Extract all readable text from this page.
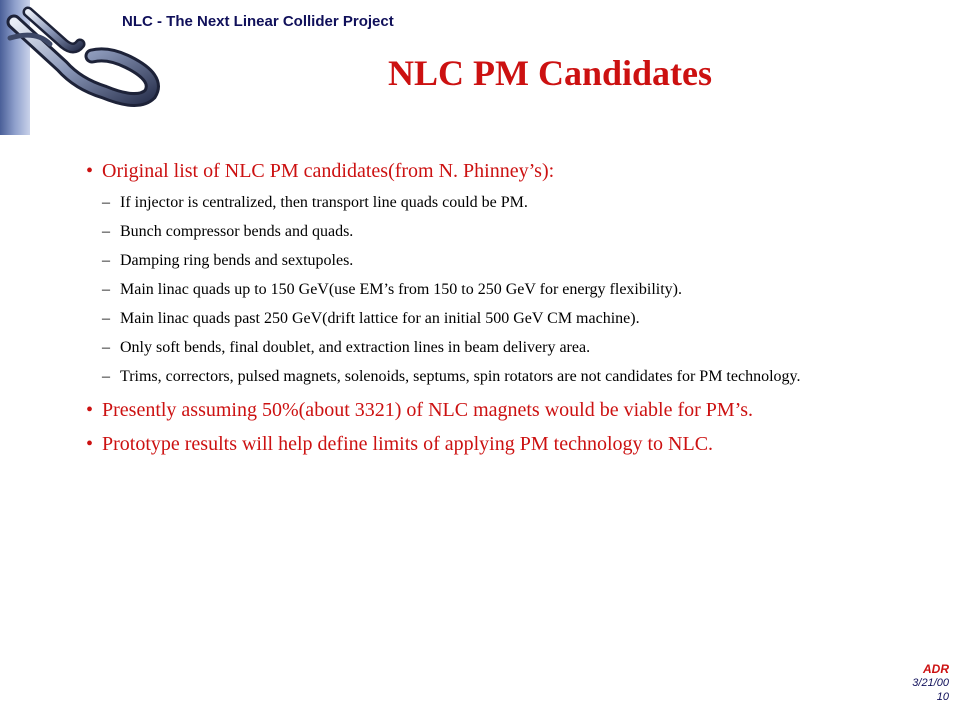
NLC - The Next Linear Collider Project
NLC PM Candidates
• Original list of NLC PM candidates(from N. Phinney’s):
– If injector is centralized, then transport line quads could be PM.
– Bunch compressor bends and quads.
– Damping ring bends and sextupoles.
– Main linac quads up to 150 GeV(use EM’s from 150 to 250 GeV for energy flexibility).
– Main linac quads past 250 GeV(drift lattice for an initial 500 GeV CM machine).
– Only soft bends, final doublet, and extraction lines in beam delivery area.
– Trims, correctors, pulsed magnets, solenoids, septums, spin rotators are not candidates for PM technology.
• Presently assuming 50%(about 3321) of NLC magnets would be viable for PM’s.
• Prototype results will help define limits of applying PM technology to NLC.
ADR
3/21/00
10
